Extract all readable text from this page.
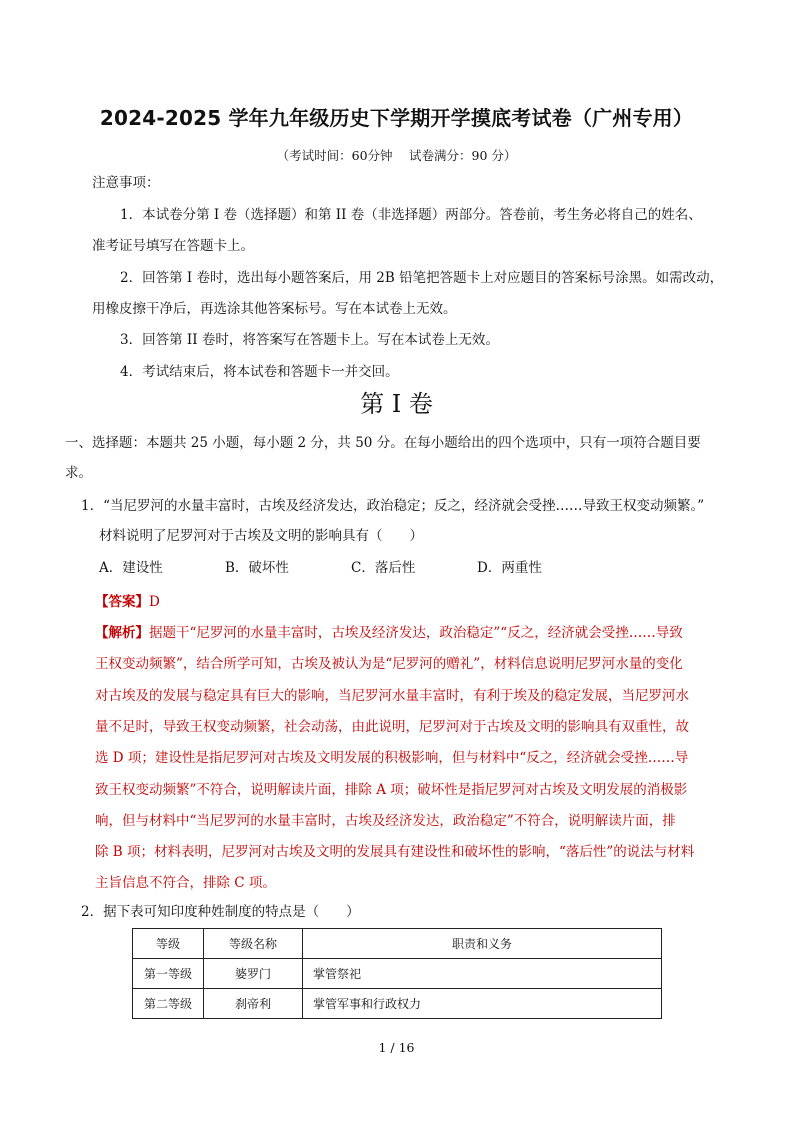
2024-2025 学年九年级历史下学期开学摸底考试卷（广州专用）
（考试时间：60分钟　 试卷满分：90 分）
注意事项：
1．本试卷分第 I 卷（选择题）和第 II 卷（非选择题）两部分。答卷前，考生务必将自己的姓名、
准考证号填写在答题卡上。
2．回答第 I 卷时，选出每小题答案后，用 2B 铅笔把答题卡上对应题目的答案标号涂黑。如需改动，
用橡皮擦干净后，再选涂其他答案标号。写在本试卷上无效。
3．回答第 II 卷时，将答案写在答题卡上。写在本试卷上无效。
4．考试结束后，将本试卷和答题卡一并交回。
第 I 卷
一、选择题：本题共 25 小题，每小题 2 分，共 50 分。在每小题给出的四个选项中，只有一项符合题目要
求。
1．“当尼罗河的水量丰富时，古埃及经济发达，政治稳定；反之，经济就会受挫……导致王权变动频繁。”
材料说明了尼罗河对于古埃及文明的影响具有（　　）
A．建设性	B．破坏性	C．落后性	D．两重性
【答案】D
【解析】据题干“尼罗河的水量丰富时，古埃及经济发达，政治稳定”“反之，经济就会受挫……导致
王权变动频繁”，结合所学可知，古埃及被认为是“尼罗河的赠礼”，材料信息说明尼罗河水量的变化
对古埃及的发展与稳定具有巨大的影响，当尼罗河水量丰富时，有利于埃及的稳定发展，当尼罗河水
量不足时，导致王权变动频繁，社会动荡，由此说明，尼罗河对于古埃及文明的影响具有双重性，故
选 D 项；建设性是指尼罗河对古埃及文明发展的积极影响，但与材料中“反之，经济就会受挫……导
致王权变动频繁”不符合，说明解读片面，排除 A 项；破坏性是指尼罗河对古埃及文明发展的消极影
响，但与材料中“当尼罗河的水量丰富时，古埃及经济发达，政治稳定”不符合，说明解读片面，排
除 B 项；材料表明，尼罗河对古埃及文明的发展具有建设性和破坏性的影响，“落后性”的说法与材料
主旨信息不符合，排除 C 项。
2．据下表可知印度种姓制度的特点是（　　）
等级	等级名称	职责和义务
第一等级	婆罗门	掌管祭祀
第二等级	刹帝利	掌管军事和行政权力
1 / 16
